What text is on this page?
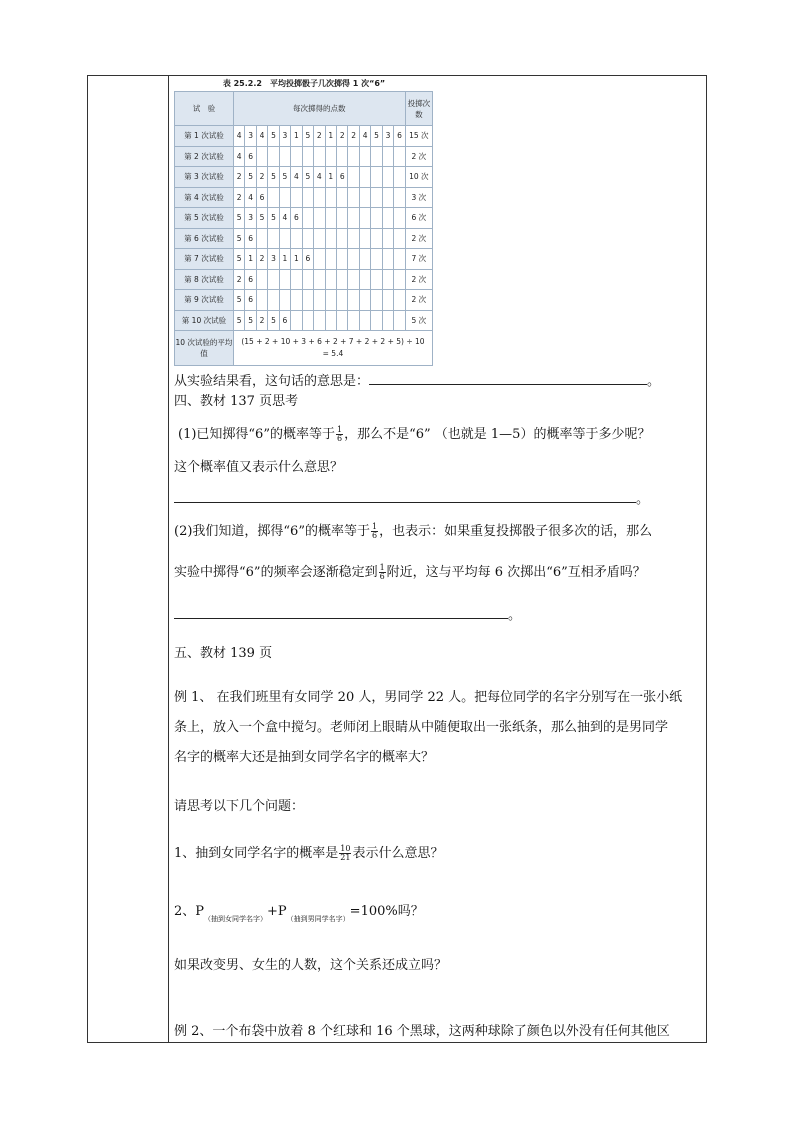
表 25.2.2　平均投掷骰子几次掷得 1 次“6”
试　验	每次掷得的点数															投掷次数
第 1 次试验	4	3	4	5	3	1	5	2	1	2	2	4	5	3	6	15 次
第 2 次试验	4	6														2 次
第 3 次试验	2	5	2	5	5	4	5	4	1	6						10 次
第 4 次试验	2	4	6													3 次
第 5 次试验	5	3	5	5	4	6										6 次
第 6 次试验	5	6														2 次
第 7 次试验	5	1	2	3	1	1	6									7 次
第 8 次试验	2	6														2 次
第 9 次试验	5	6														2 次
第 10 次试验	5	5	2	5	6											5 次
10 次试验的平均值	(15 + 2 + 10 + 3 + 6 + 2 + 7 + 2 + 2 + 5) ÷ 10
= 5.4															
从实验结果看，这句话的意思是：	。
四、教材 137 页思考
(1)已知掷得“6”的概率等于 $\frac{1}{6}$ ，那么不是“6” （也就是 1—5）的概率等于多少呢？
这个概率值又表示什么意思？
。
(2)我们知道，掷得“6”的概率等于 $\frac{1}{6}$ ，也表示：如果重复投掷骰子很多次的话，那么
实验中掷得“6”的频率会逐渐稳定到 $\frac{1}{6}$ 附近，这与平均每 6 次掷出“6”互相矛盾吗？
。
五、教材 139 页
例 1、 在我们班里有女同学 20 人，男同学 22 人。把每位同学的名字分别写在一张小纸
条上，放入一个盒中搅匀。老师闭上眼睛从中随便取出一张纸条，那么抽到的是男同学
名字的概率大还是抽到女同学名字的概率大？
请思考以下几个问题：
1、抽到女同学名字的概率是 $\frac{10}{21}$ 表示什么意思？
2、$P_{(抽到女同学名字)}+P_{(抽到男同学名字)}=100\%$吗？
如果改变男、女生的人数，这个关系还成立吗？
例 2、一个布袋中放着 8 个红球和 16 个黑球，这两种球除了颜色以外没有任何其他区
